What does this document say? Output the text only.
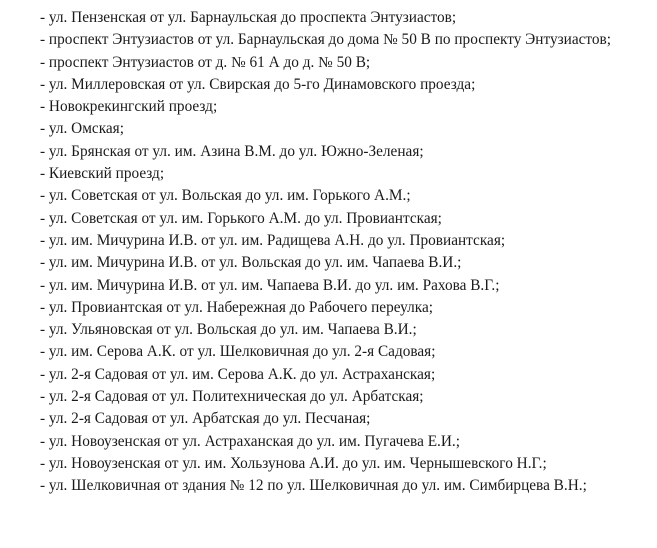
- ул. Пензенская от ул. Барнаульская до проспекта Энтузиастов;

- проспект Энтузиастов от ул. Барнаульская до дома № 50 В по проспекту Энтузиастов;

- проспект Энтузиастов от д. № 61 А до д. № 50 В;

- ул. Миллеровская от ул. Свирская до 5-го Динамовского проезда;

- Новокрекингский проезд;

- ул. Омская;

- ул. Брянская от ул. им. Азина В.М. до ул. Южно-Зеленая;

- Киевский проезд;

- ул. Советская от ул. Вольская до ул. им. Горького А.М.;

- ул. Советская от ул. им. Горького А.М. до ул. Провиантская;

- ул. им. Мичурина И.В. от ул. им. Радищева А.Н. до ул. Провиантская;

- ул. им. Мичурина И.В. от ул. Вольская до ул. им. Чапаева В.И.;

- ул. им. Мичурина И.В. от ул. им. Чапаева В.И. до ул. им. Рахова В.Г.;

- ул. Провиантская от ул. Набережная до Рабочего переулка;

- ул. Ульяновская от ул. Вольская до ул. им. Чапаева В.И.;

- ул. им. Серова А.К. от ул. Шелковичная до ул. 2-я Садовая;

- ул. 2-я Садовая от ул. им. Серова А.К. до ул. Астраханская;

- ул. 2-я Садовая от ул. Политехническая до ул. Арбатская;

- ул. 2-я Садовая от ул. Арбатская до ул. Песчаная;

- ул. Новоузенская от ул. Астраханская до ул. им. Пугачева Е.И.;

- ул. Новоузенская от ул. им. Хользунова А.И. до ул. им. Чернышевского Н.Г.;

- ул. Шелковичная от здания № 12 по ул. Шелковичная до ул. им. Симбирцева В.Н.;
